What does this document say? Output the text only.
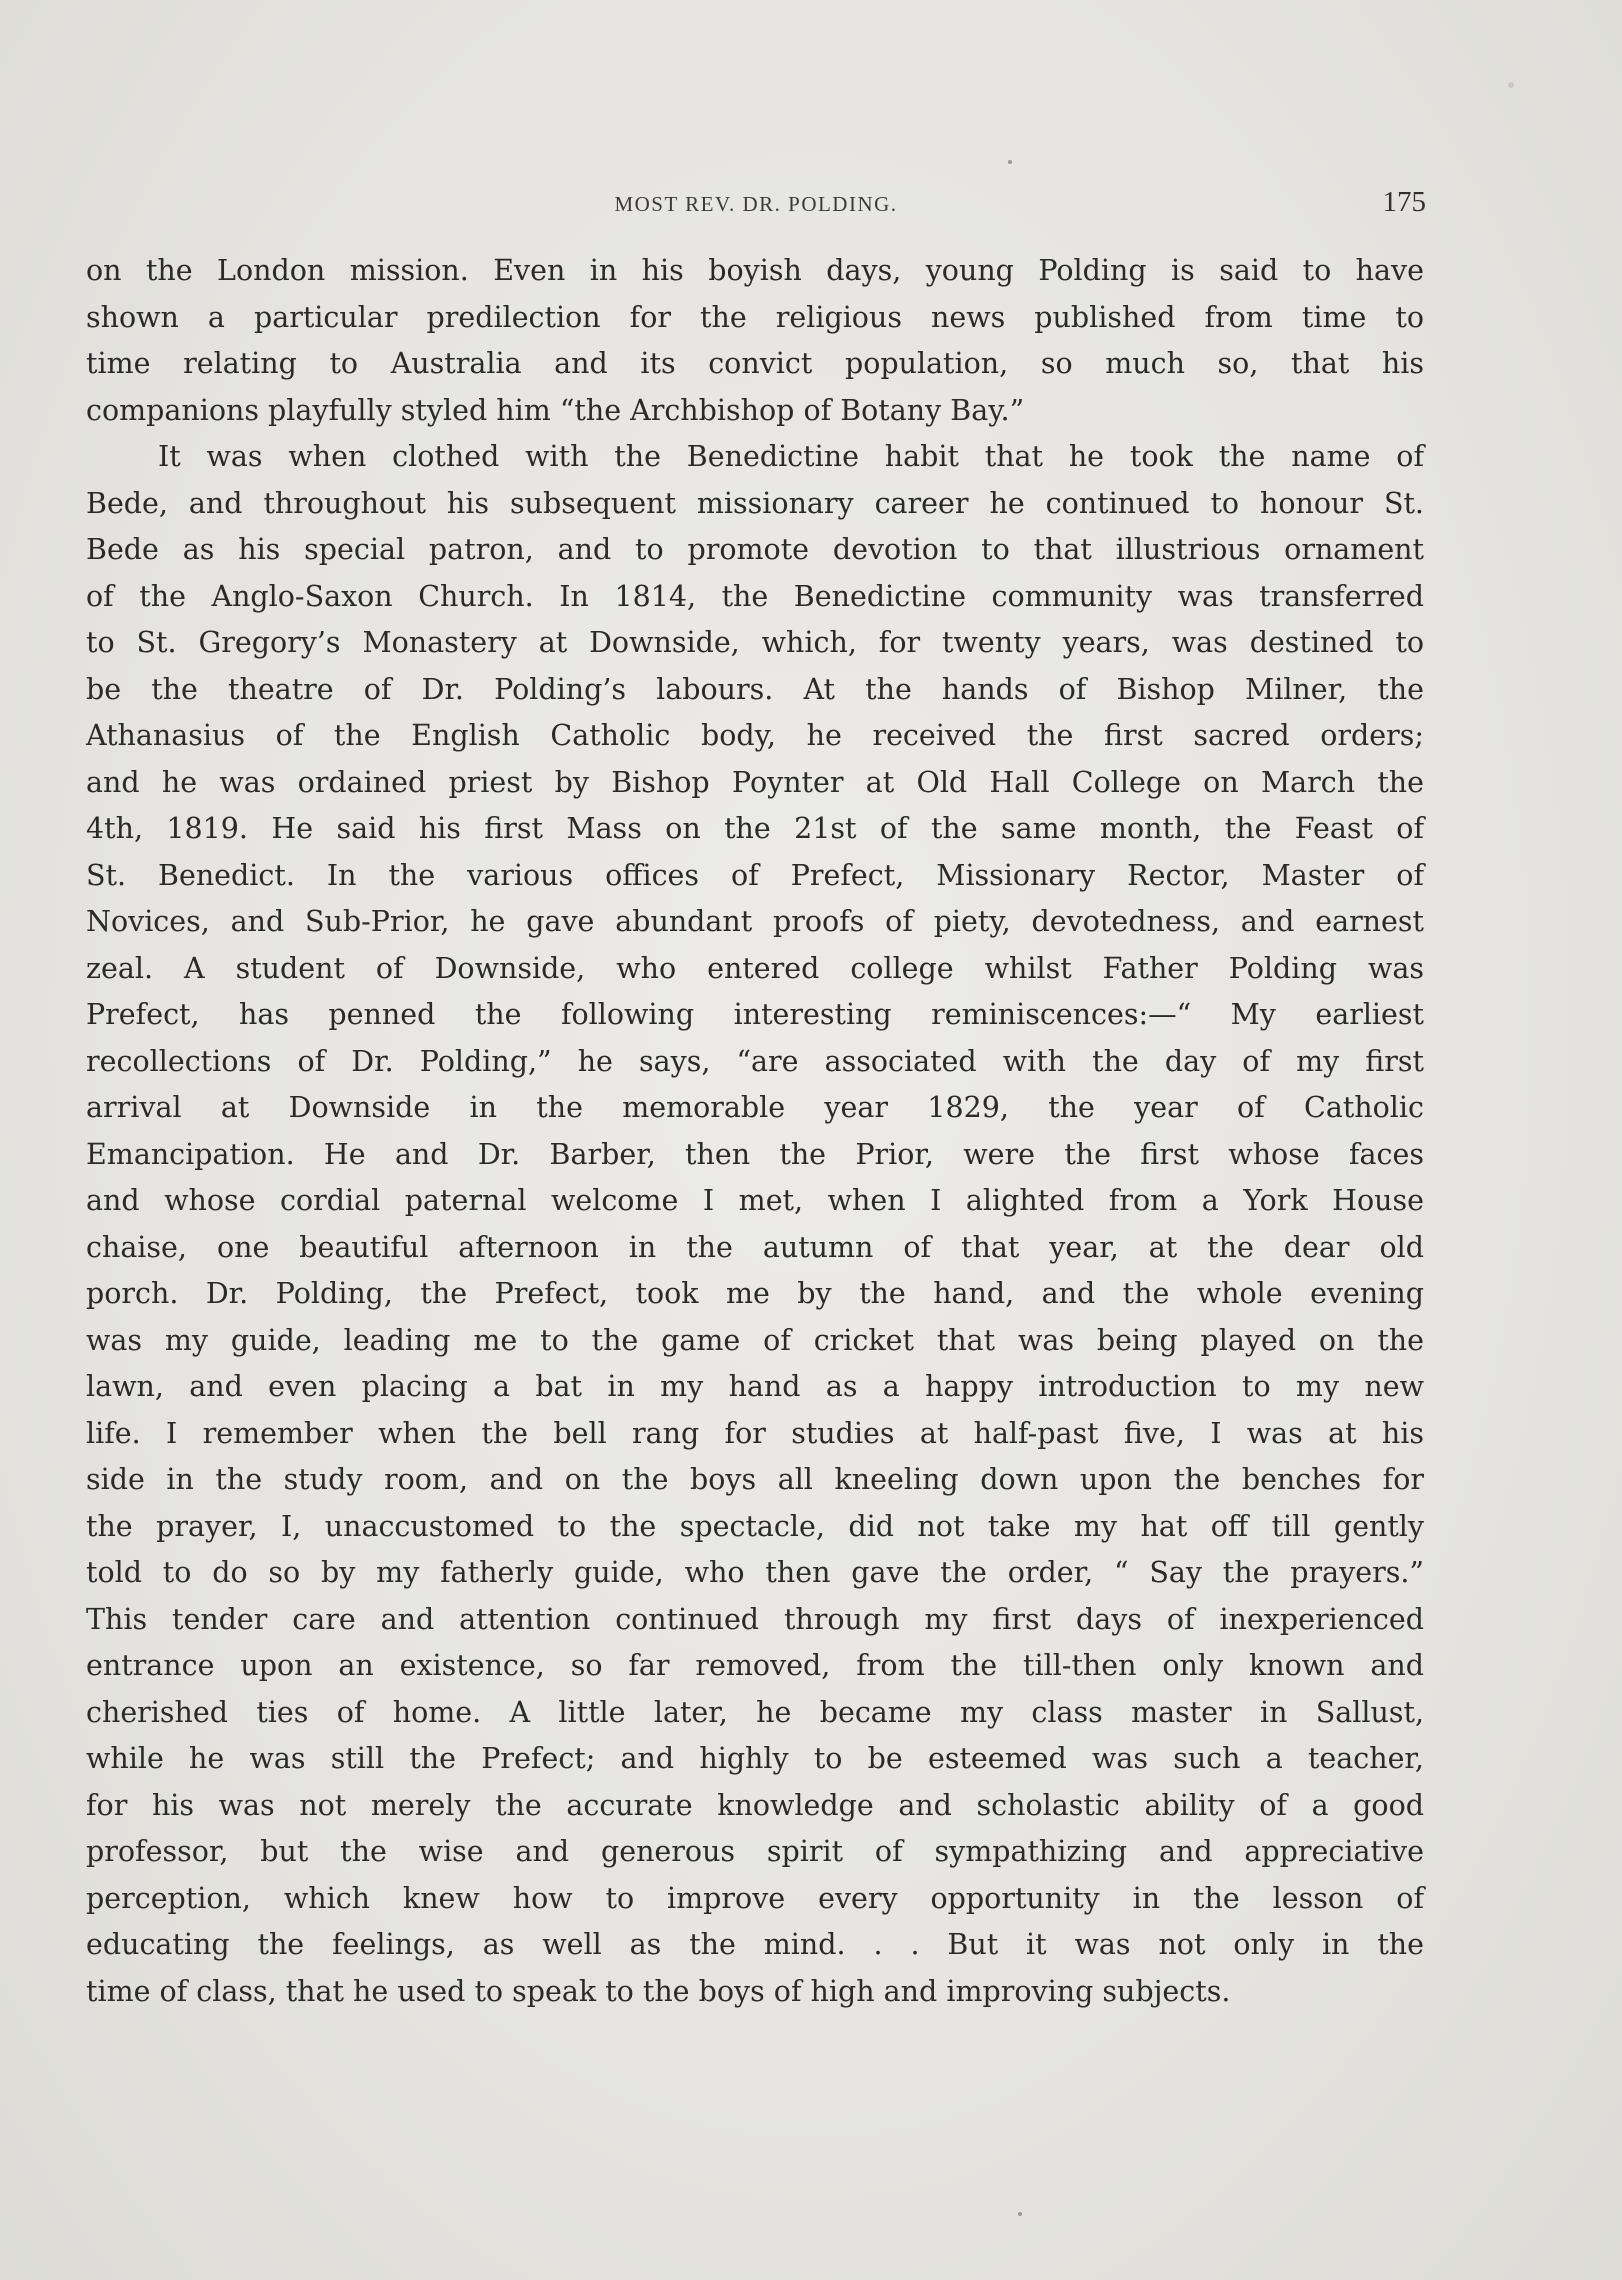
MOST REV. DR. POLDING.	175
on the London mission. Even in his boyish days, young Polding is said to have
shown a particular predilection for the religious news published from time to
time relating to Australia and its convict population, so much so, that his
companions playfully styled him “the Archbishop of Botany Bay.”
It was when clothed with the Benedictine habit that he took the name of
Bede, and throughout his subsequent missionary career he continued to honour St.
Bede as his special patron, and to promote devotion to that illustrious ornament
of the Anglo-Saxon Church. In 1814, the Benedictine community was transferred
to St. Gregory’s Monastery at Downside, which, for twenty years, was destined to
be the theatre of Dr. Polding’s labours. At the hands of Bishop Milner, the
Athanasius of the English Catholic body, he received the first sacred orders;
and he was ordained priest by Bishop Poynter at Old Hall College on March the
4th, 1819. He said his first Mass on the 21st of the same month, the Feast of
St. Benedict. In the various offices of Prefect, Missionary Rector, Master of
Novices, and Sub-Prior, he gave abundant proofs of piety, devotedness, and earnest
zeal. A student of Downside, who entered college whilst Father Polding was
Prefect, has penned the following interesting reminiscences:—“ My earliest
recollections of Dr. Polding,” he says, “are associated with the day of my first
arrival at Downside in the memorable year 1829, the year of Catholic
Emancipation. He and Dr. Barber, then the Prior, were the first whose faces
and whose cordial paternal welcome I met, when I alighted from a York House
chaise, one beautiful afternoon in the autumn of that year, at the dear old
porch. Dr. Polding, the Prefect, took me by the hand, and the whole evening
was my guide, leading me to the game of cricket that was being played on the
lawn, and even placing a bat in my hand as a happy introduction to my new
life. I remember when the bell rang for studies at half-past five, I was at his
side in the study room, and on the boys all kneeling down upon the benches for
the prayer, I, unaccustomed to the spectacle, did not take my hat off till gently
told to do so by my fatherly guide, who then gave the order, “ Say the prayers.”
This tender care and attention continued through my first days of inexperienced
entrance upon an existence, so far removed, from the till-then only known and
cherished ties of home. A little later, he became my class master in Sallust,
while he was still the Prefect; and highly to be esteemed was such a teacher,
for his was not merely the accurate knowledge and scholastic ability of a good
professor, but the wise and generous spirit of sympathizing and appreciative
perception, which knew how to improve every opportunity in the lesson of
educating the feelings, as well as the mind. . . But it was not only in the
time of class, that he used to speak to the boys of high and improving subjects.
